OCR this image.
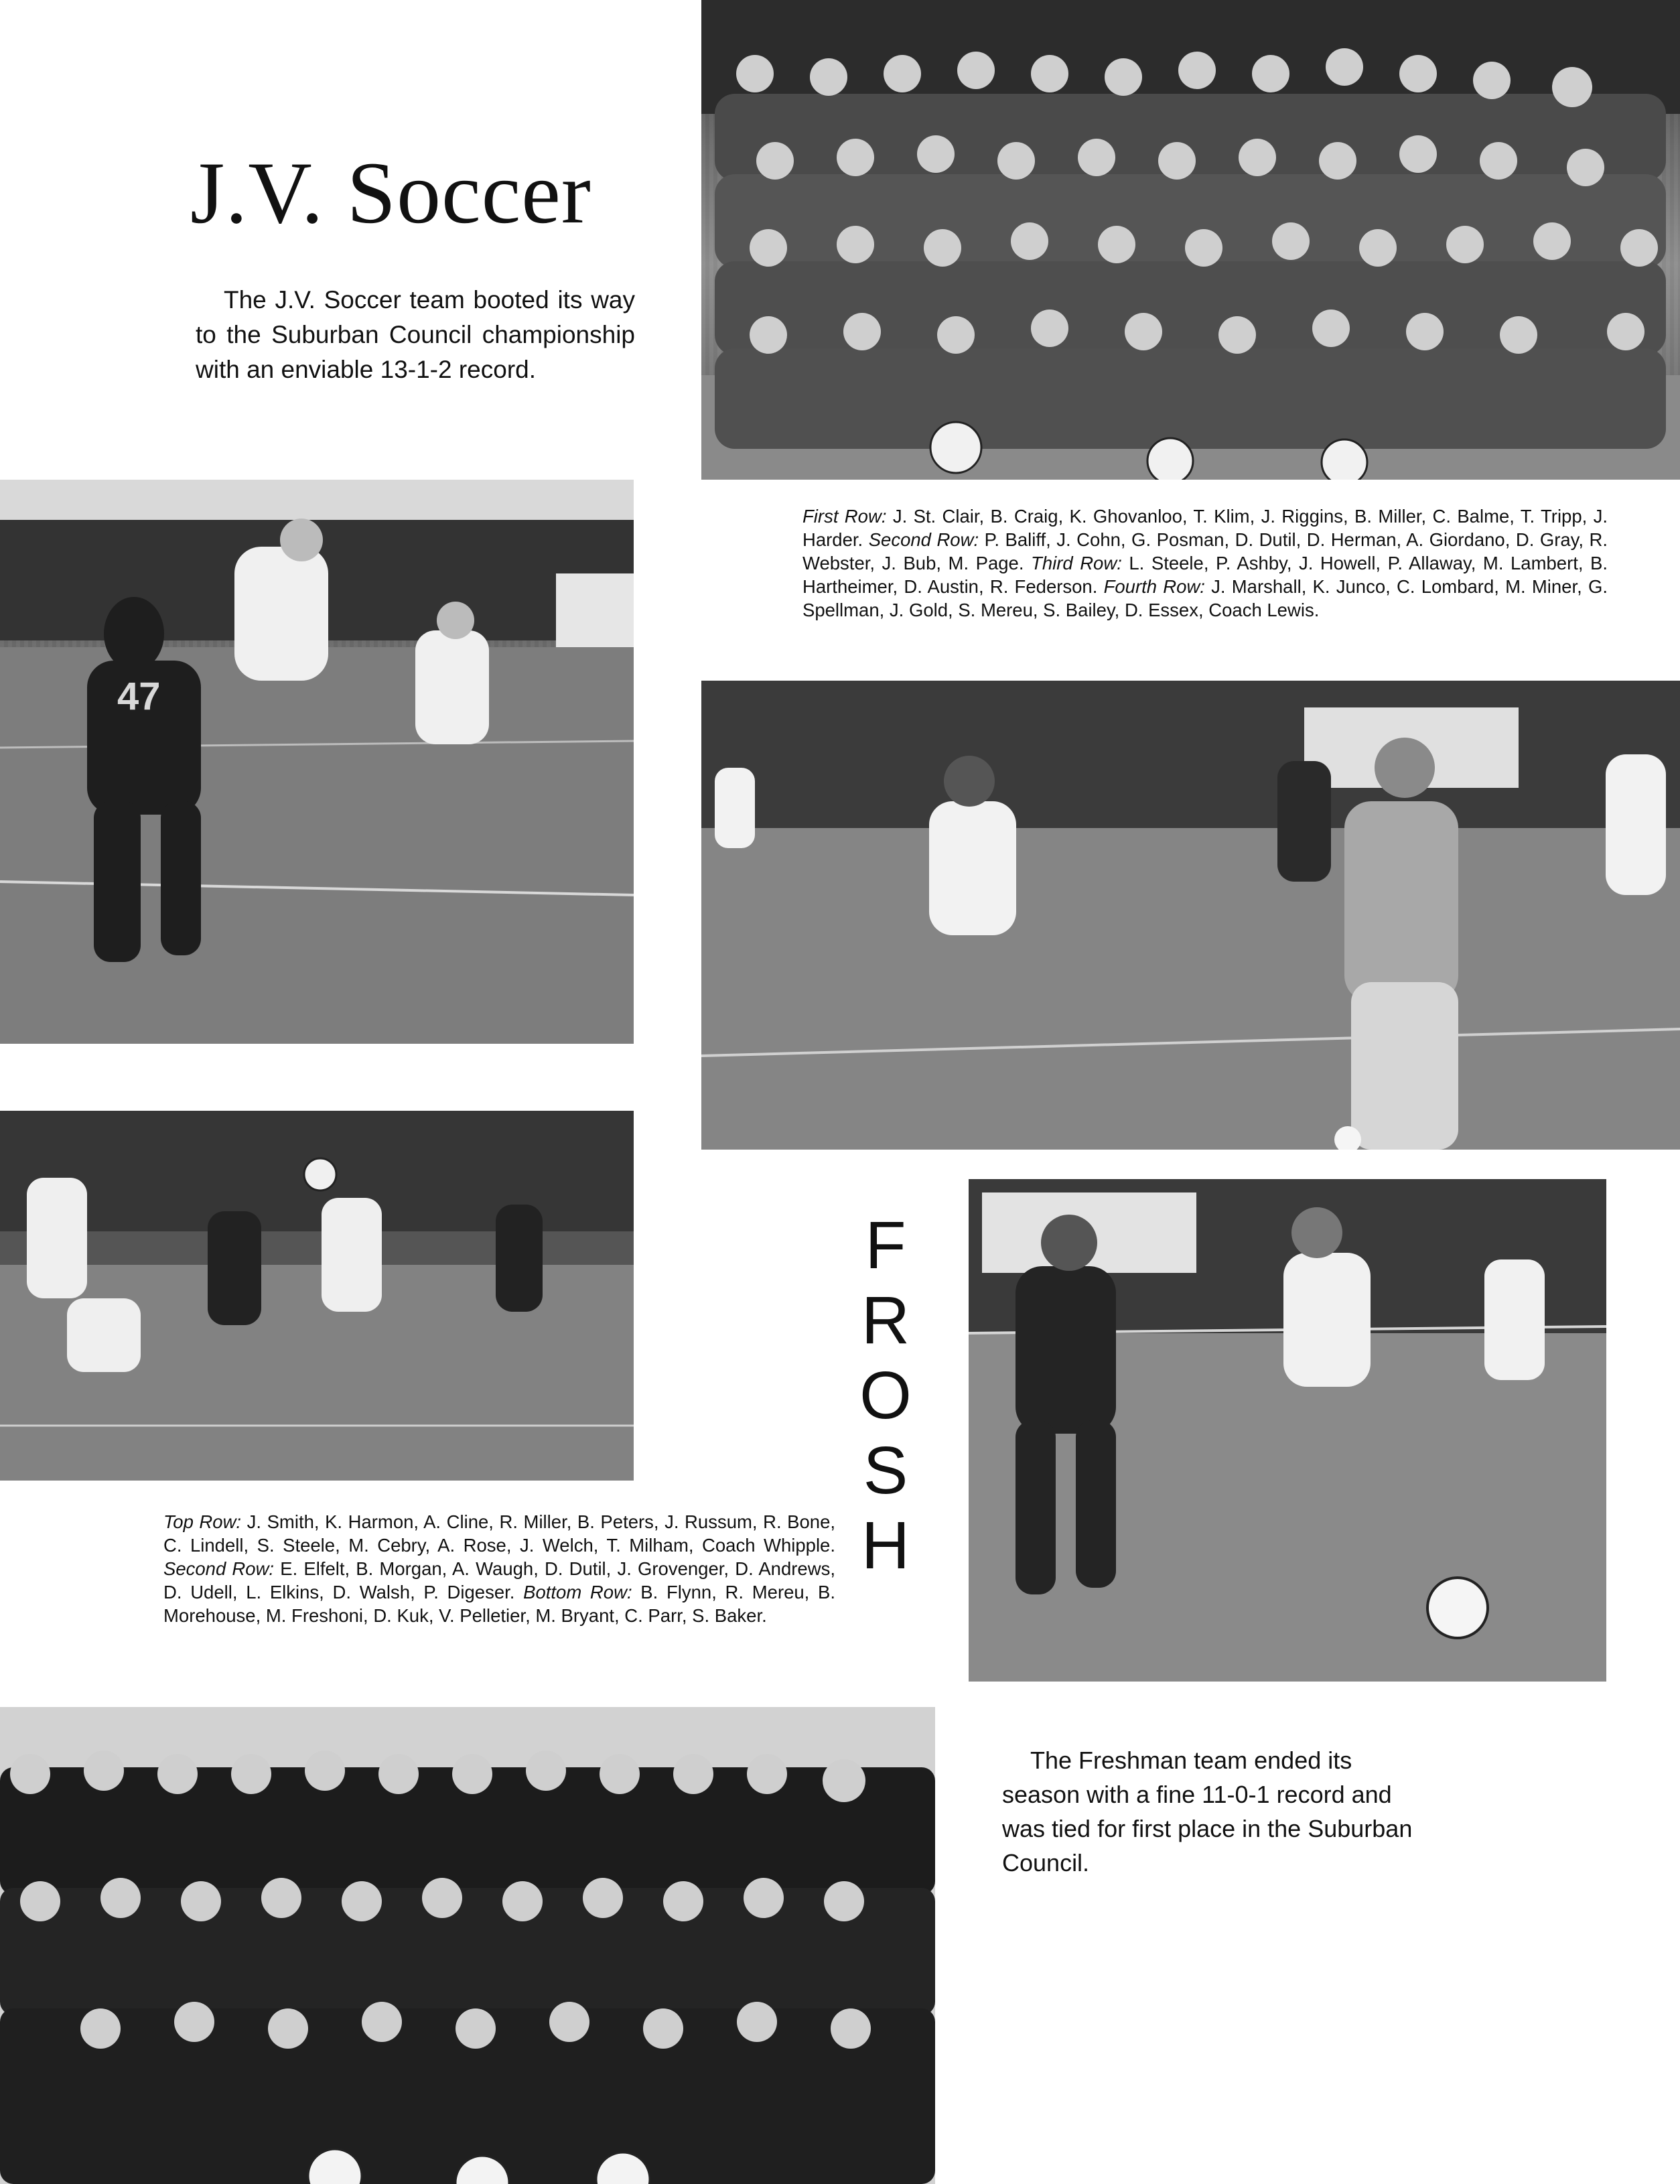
J.V. Soccer
The J.V. Soccer team booted its way to the Suburban Council championship with an enviable 13-1-2 record.
First Row: J. St. Clair, B. Craig, K. Ghovanloo, T. Klim, J. Riggins, B. Miller, C. Balme, T. Tripp, J. Harder. Second Row: P. Baliff, J. Cohn, G. Posman, D. Dutil, D. Herman, A. Giordano, D. Gray, R. Webster, J. Bub, M. Page. Third Row: L. Steele, P. Ashby, J. Howell, P. Allaway, M. Lambert, B. Hartheimer, D. Austin, R. Federson. Fourth Row: J. Marshall, K. Junco, C. Lombard, M. Miner, G. Spellman, J. Gold, S. Mereu, S. Bailey, D. Essex, Coach Lewis.
47
F
R
O
S
H
Top Row: J. Smith, K. Harmon, A. Cline, R. Miller, B. Peters, J. Russum, R. Bone, C. Lindell, S. Steele, M. Cebry, A. Rose, J. Welch, T. Milham, Coach Whipple. Second Row: E. Elfelt, B. Morgan, A. Waugh, D. Dutil, J. Grovenger, D. Andrews, D. Udell, L. Elkins, D. Walsh, P. Digeser. Bottom Row: B. Flynn, R. Mereu, B. Morehouse, M. Freshoni, D. Kuk, V. Pelletier, M. Bryant, C. Parr, S. Baker.
The Freshman team ended its season with a fine 11-0-1 record and was tied for first place in the Suburban Council.
